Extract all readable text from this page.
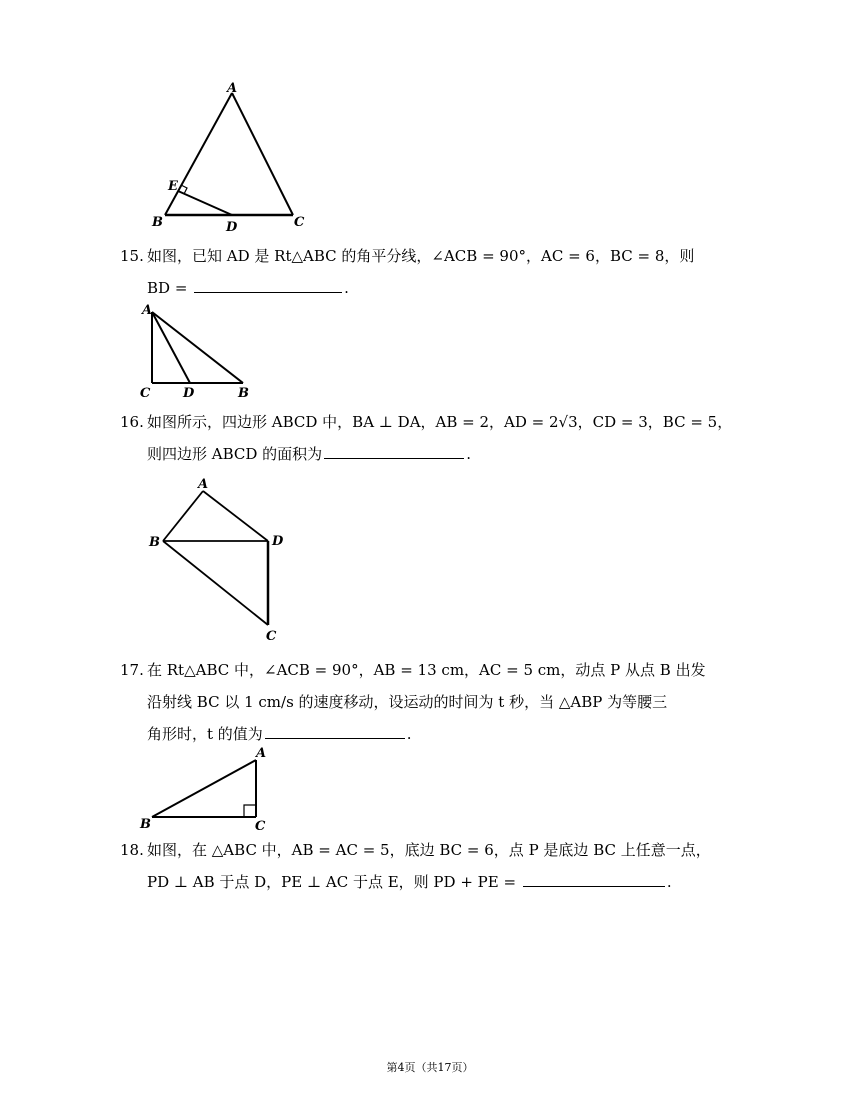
A
E
B	D	C
15. 如图，已知 AD 是 Rt△ABC 的角平分线，∠ACB = 90°，AC = 6，BC = 8，则
BD =	.
A
C	D	B
16. 如图所示，四边形 ABCD 中，BA ⊥ DA，AB = 2，AD = 2√3，CD = 3，BC = 5，
则四边形 ABCD 的面积为	.
A
B	D
C
17. 在 Rt△ABC 中，∠ACB = 90°，AB = 13 cm，AC = 5 cm，动点 P 从点 B 出发
沿射线 BC 以 1 cm/s 的速度移动，设运动的时间为 t 秒，当 △ABP 为等腰三
角形时，t 的值为	.
A
B	C
18. 如图，在 △ABC 中，AB = AC = 5，底边 BC = 6，点 P 是底边 BC 上任意一点，
PD ⊥ AB 于点 D，PE ⊥ AC 于点 E，则 PD + PE =	.
第4页（共17页）
